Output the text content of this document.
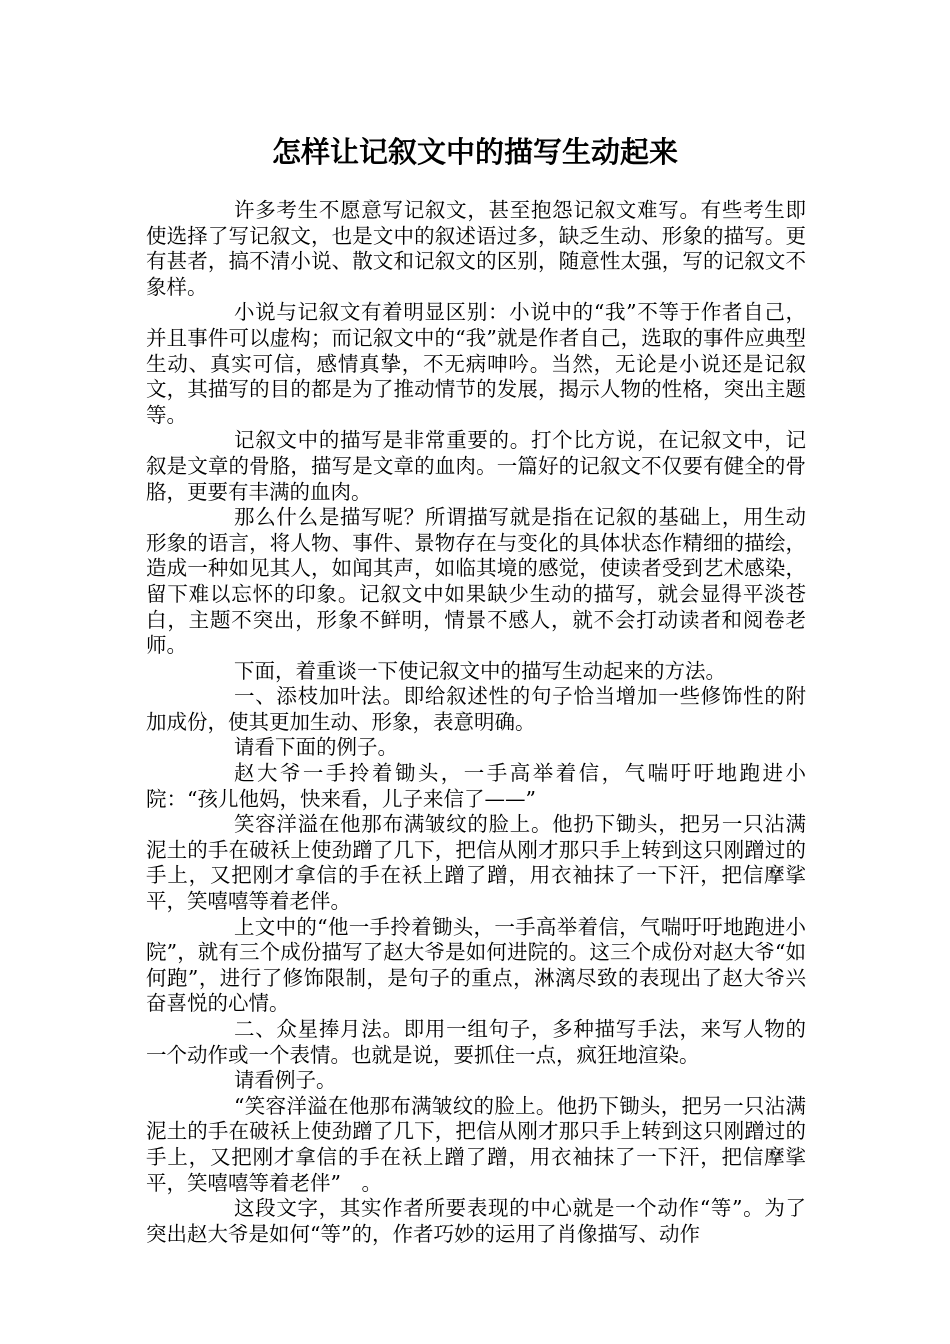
怎样让记叙文中的描写生动起来

许多考生不愿意写记叙文，甚至抱怨记叙文难写。有些考生即使选择了写记叙文，也是文中的叙述语过多，缺乏生动、形象的描写。更有甚者，搞不清小说、散文和记叙文的区别，随意性太强，写的记叙文不象样。

小说与记叙文有着明显区别：小说中的“我”不等于作者自己，并且事件可以虚构；而记叙文中的“我”就是作者自己，选取的事件应典型生动、真实可信，感情真挚，不无病呻吟。当然，无论是小说还是记叙文，其描写的目的都是为了推动情节的发展，揭示人物的性格，突出主题等。

记叙文中的描写是非常重要的。打个比方说，在记叙文中，记叙是文章的骨胳，描写是文章的血肉。一篇好的记叙文不仅要有健全的骨胳，更要有丰满的血肉。

那么什么是描写呢？所谓描写就是指在记叙的基础上，用生动形象的语言，将人物、事件、景物存在与变化的具体状态作精细的描绘，造成一种如见其人，如闻其声，如临其境的感觉，使读者受到艺术感染，留下难以忘怀的印象。记叙文中如果缺少生动的描写，就会显得平淡苍白，主题不突出，形象不鲜明，情景不感人，就不会打动读者和阅卷老师。

下面，着重谈一下使记叙文中的描写生动起来的方法。

一、添枝加叶法。即给叙述性的句子恰当增加一些修饰性的附加成份，使其更加生动、形象，表意明确。

请看下面的例子。

赵大爷一手拎着锄头，一手高举着信，气喘吁吁地跑进小院：“孩儿他妈，快来看，儿子来信了——”

笑容洋溢在他那布满皱纹的脸上。他扔下锄头，把另一只沾满泥土的手在破袄上使劲蹭了几下，把信从刚才那只手上转到这只刚蹭过的手上，又把刚才拿信的手在袄上蹭了蹭，用衣袖抹了一下汗，把信摩挲平，笑嘻嘻等着老伴。

上文中的“他一手拎着锄头，一手高举着信，气喘吁吁地跑进小院”，就有三个成份描写了赵大爷是如何进院的。这三个成份对赵大爷“如何跑”，进行了修饰限制，是句子的重点，淋漓尽致的表现出了赵大爷兴奋喜悦的心情。

二、众星捧月法。即用一组句子，多种描写手法，来写人物的一个动作或一个表情。也就是说，要抓住一点，疯狂地渲染。

请看例子。

“笑容洋溢在他那布满皱纹的脸上。他扔下锄头，把另一只沾满泥土的手在破袄上使劲蹭了几下，把信从刚才那只手上转到这只刚蹭过的手上，又把刚才拿信的手在袄上蹭了蹭，用衣袖抹了一下汗，把信摩挲平，笑嘻嘻等着老伴”　。

这段文字，其实作者所要表现的中心就是一个动作“等”。为了突出赵大爷是如何“等”的，作者巧妙的运用了肖像描写、动作
